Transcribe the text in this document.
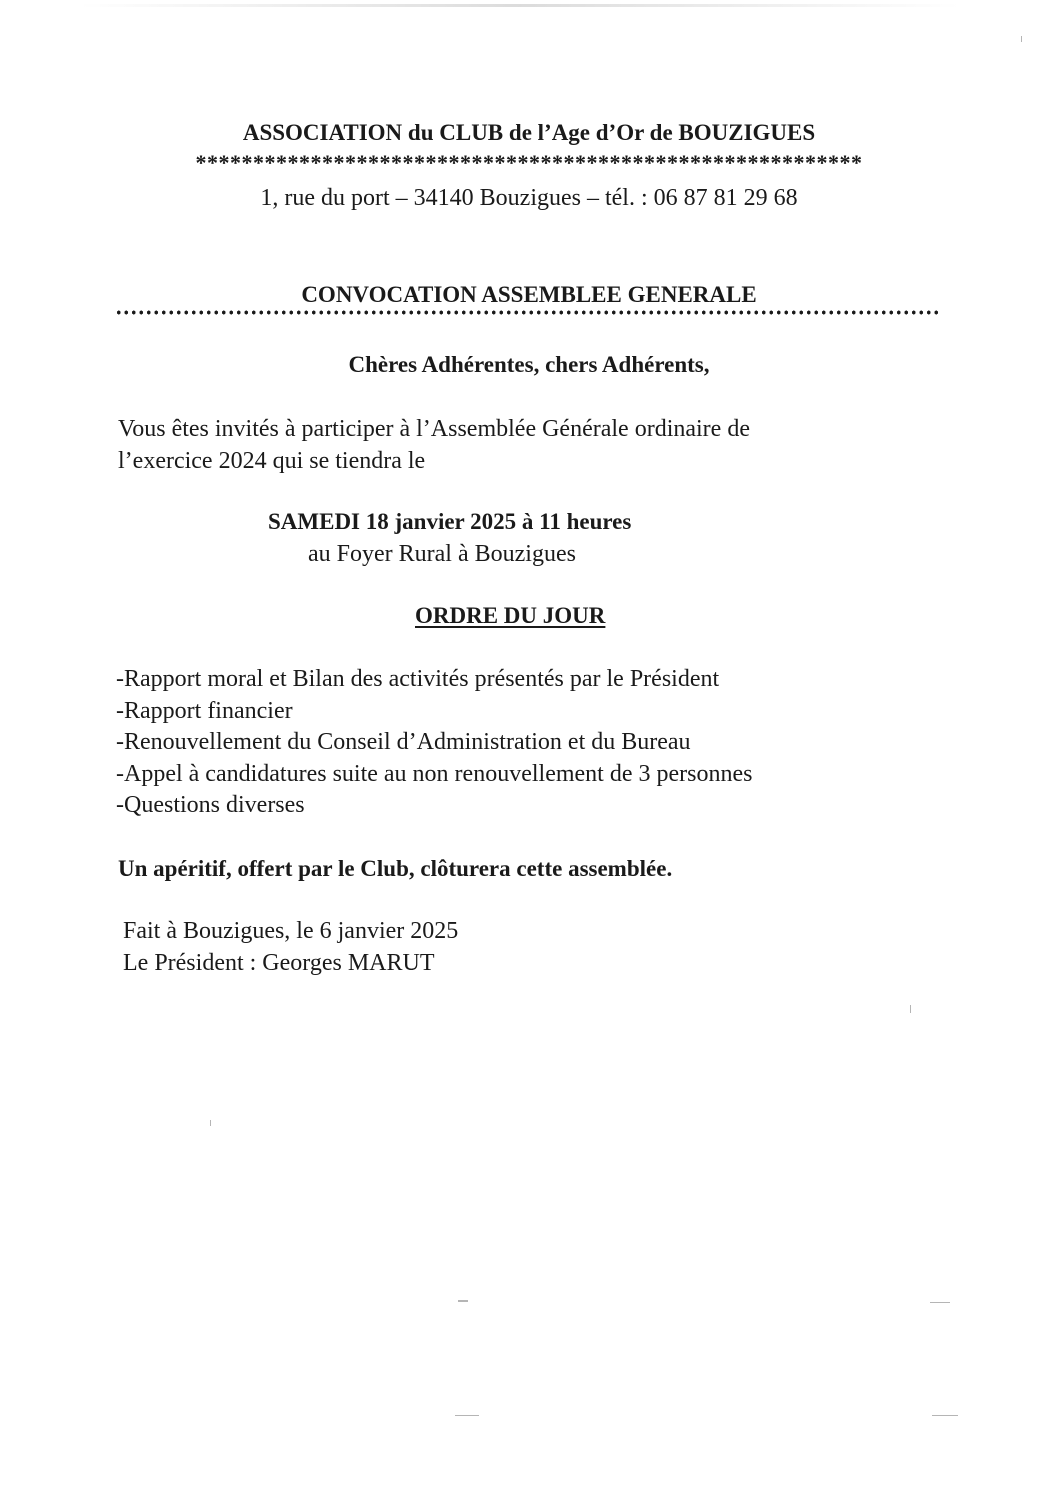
ASSOCIATION du CLUB de l’Age d’Or de BOUZIGUES
**********************************************************
1, rue du port – 34140 Bouzigues – tél. : 06 87 81 29 68
CONVOCATION ASSEMBLEE GENERALE
Chères Adhérentes, chers Adhérents,
Vous êtes invités à participer à l’Assemblée Générale ordinaire de
l’exercice 2024 qui se tiendra le
SAMEDI 18 janvier 2025 à 11 heures
au Foyer Rural à Bouzigues
ORDRE DU JOUR
-Rapport moral et Bilan des activités présentés par le Président
-Rapport financier
-Renouvellement du Conseil d’Administration et du Bureau
-Appel à candidatures suite au non renouvellement de 3 personnes
-Questions diverses
Un apéritif, offert par le Club, clôturera cette assemblée.
Fait à Bouzigues, le 6 janvier 2025
Le Président : Georges MARUT
